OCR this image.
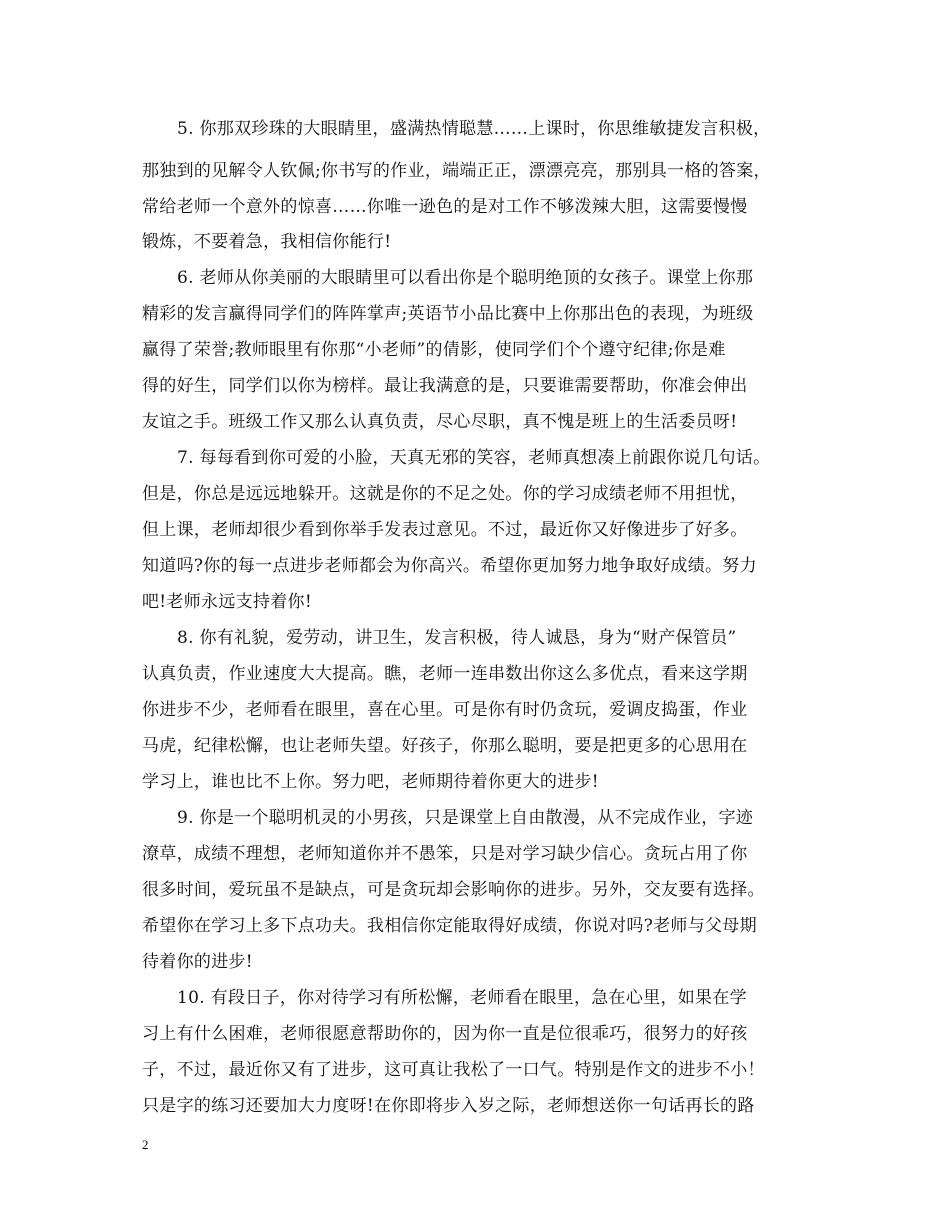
5. 你那双珍珠的大眼睛里，盛满热情聪慧……上课时，你思维敏捷发言积极，
那独到的见解令人钦佩;你书写的作业，端端正正，漂漂亮亮，那别具一格的答案，
常给老师一个意外的惊喜……你唯一逊色的是对工作不够泼辣大胆，这需要慢慢
锻炼，不要着急，我相信你能行!
6. 老师从你美丽的大眼睛里可以看出你是个聪明绝顶的女孩子。课堂上你那
精彩的发言赢得同学们的阵阵掌声;英语节小品比赛中上你那出色的表现，为班级
赢得了荣誉;教师眼里有你那“小老师”的倩影，使同学们个个遵守纪律;你是难
得的好生，同学们以你为榜样。最让我满意的是，只要谁需要帮助，你准会伸出
友谊之手。班级工作又那么认真负责，尽心尽职，真不愧是班上的生活委员呀!
7. 每每看到你可爱的小脸，天真无邪的笑容，老师真想凑上前跟你说几句话。
但是，你总是远远地躲开。这就是你的不足之处。你的学习成绩老师不用担忧，
但上课，老师却很少看到你举手发表过意见。不过，最近你又好像进步了好多。
知道吗?你的每一点进步老师都会为你高兴。希望你更加努力地争取好成绩。努力
吧!老师永远支持着你!
8. 你有礼貌，爱劳动，讲卫生，发言积极，待人诚恳，身为“财产保管员”
认真负责，作业速度大大提高。瞧，老师一连串数出你这么多优点，看来这学期
你进步不少，老师看在眼里，喜在心里。可是你有时仍贪玩，爱调皮捣蛋，作业
马虎，纪律松懈，也让老师失望。好孩子，你那么聪明，要是把更多的心思用在
学习上，谁也比不上你。努力吧，老师期待着你更大的进步!
9. 你是一个聪明机灵的小男孩，只是课堂上自由散漫，从不完成作业，字迹
潦草，成绩不理想，老师知道你并不愚笨，只是对学习缺少信心。贪玩占用了你
很多时间，爱玩虽不是缺点，可是贪玩却会影响你的进步。另外，交友要有选择。
希望你在学习上多下点功夫。我相信你定能取得好成绩，你说对吗?老师与父母期
待着你的进步!
10. 有段日子，你对待学习有所松懈，老师看在眼里，急在心里，如果在学
习上有什么困难，老师很愿意帮助你的，因为你一直是位很乖巧，很努力的好孩
子，不过，最近你又有了进步，这可真让我松了一口气。特别是作文的进步不小！
只是字的练习还要加大力度呀!在你即将步入岁之际，老师想送你一句话再长的路
2
